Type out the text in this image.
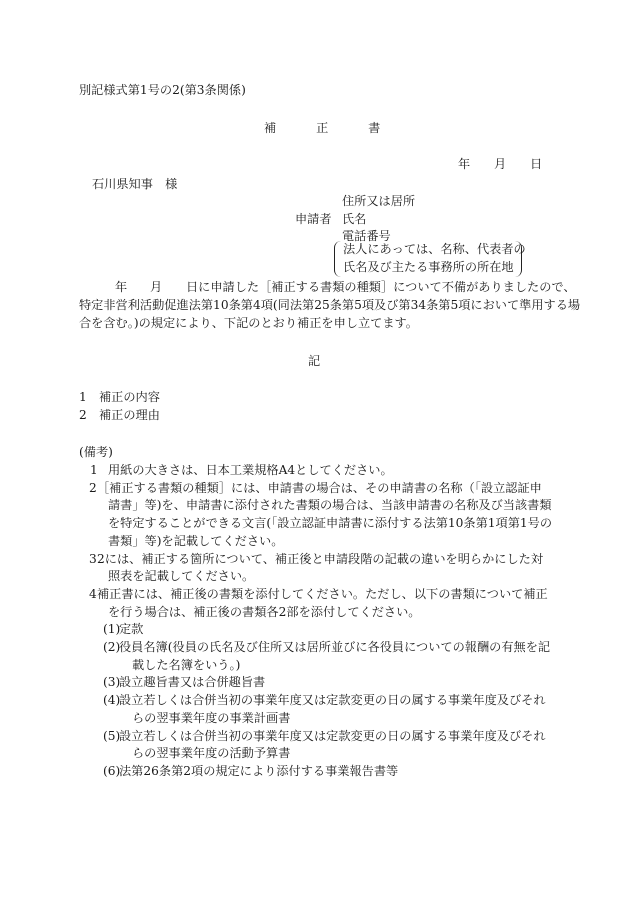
別記様式第1号の2(第3条関係)
補	正	書
年 月 日
石川県知事　様
住所又は居所
申請者 氏名
電話番号
法人にあっては、名称、代表者の
氏名及び主たる事務所の所在地
年 月 日に申請した［補正する書類の種類］について不備がありましたので、
特定非営利活動促進法第10条第4項(同法第25条第5項及び第34条第5項において準用する場
合を含む。)の規定により、下記のとおり補正を申し立てます。
記
1　補正の内容
2　補正の理由
(備考)
1 用紙の大きさは、日本工業規格A4としてください。
2 ［補正する書類の種類］には、申請書の場合は、その申請書の名称（「設立認証申請書」等)を、申請書に添付された書類の場合は、当該申請書の名称及び当該書類を特定することができる文言(「設立認証申請書に添付する法第10条第1項第1号の書類」等)を記載してください。
3 2には、補正する箇所について、補正後と申請段階の記載の違いを明らかにした対照表を記載してください。
4 補正書には、補正後の書類を添付してください。ただし、以下の書類について補正を行う場合は、補正後の書類各2部を添付してください。
(1)
定款
(2)
役員名簿(役員の氏名及び住所又は居所並びに各役員についての報酬の有無を記載した名簿をいう。)
(3)
設立趣旨書又は合併趣旨書
(4)
設立若しくは合併当初の事業年度又は定款変更の日の属する事業年度及びそれらの翌事業年度の事業計画書
(5)
設立若しくは合併当初の事業年度又は定款変更の日の属する事業年度及びそれらの翌事業年度の活動予算書
(6)
法第26条第2項の規定により添付する事業報告書等
